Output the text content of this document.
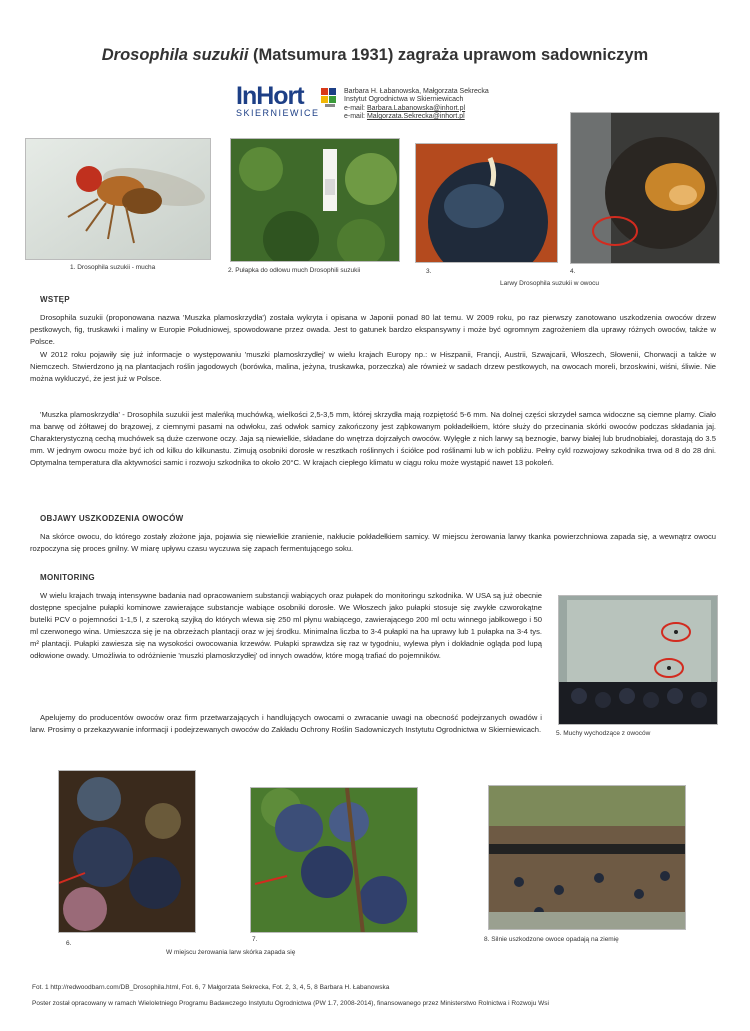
Drosophila suzukii (Matsumura 1931) zagraża uprawom sadowniczym
InHort
SKIERNIEWICE
Barbara H. Łabanowska, Małgorzata Sekrecka
Instytut Ogrodnictwa w Skierniewicach
e-mail: Barbara.Labanowska@inhort.pl
e-mail: Malgorzata.Sekrecka@inhort.pl
1. Drosophila suzukii - mucha	2. Pułapka do odłowu much Drosophili suzukii	3.	4.
Larwy Drosophila suzukii w owocu
WSTĘP
Drosophila suzukii (proponowana nazwa 'Muszka plamoskrzydła') została wykryta i opisana w Japonii ponad 80 lat temu. W 2009 roku, po raz pierwszy zanotowano uszkodzenia owoców drzew pestkowych, fig, truskawki i maliny w Europie Południowej, spowodowane przez owada. Jest to gatunek bardzo ekspansywny i może być ogromnym zagrożeniem dla uprawy różnych owoców, także w Polsce.
W 2012 roku pojawiły się już informacje o występowaniu 'muszki plamoskrzydłej' w wielu krajach Europy np.: w Hiszpanii, Francji, Austrii, Szwajcarii, Włoszech, Słowenii, Chorwacji a także w Niemczech. Stwierdzono ją na plantacjach roślin jagodowych (borówka, malina, jeżyna, truskawka, porzeczka) ale również w sadach drzew pestkowych, na owocach moreli, brzoskwini, wiśni, śliwie. Nie można wykluczyć, że jest już w Polsce.
'Muszka plamoskrzydła' - Drosophila suzukii jest maleńką muchówką, wielkości 2,5-3,5 mm, której skrzydła mają rozpiętość 5-6 mm. Na dolnej części skrzydeł samca widoczne są ciemne plamy. Ciało ma barwę od żółtawej do brązowej, z ciemnymi pasami na odwłoku, zaś odwłok samicy zakończony jest ząbkowanym pokładełkiem, które służy do przecinania skórki owoców podczas składania jaj. Charakterystyczną cechą muchówek są duże czerwone oczy. Jaja są niewielkie, składane do wnętrza dojrzałych owoców. Wylęgłe z nich larwy są beznogie, barwy białej lub brudnobiałej, dorastają do 3.5 mm. W jednym owocu może być ich od kilku do kilkunastu. Zimują osobniki dorosłe w resztkach roślinnych i ściółce pod roślinami lub w ich pobliżu. Pełny cykl rozwojowy szkodnika trwa od 8 do 28 dni. Optymalna temperatura dla aktywności samic i rozwoju szkodnika to około 20°C. W krajach ciepłego klimatu w ciągu roku może wystąpić nawet 13 pokoleń.
OBJAWY USZKODZENIA OWOCÓW
Na skórce owocu, do którego zostały złożone jaja, pojawia się niewielkie zranienie, nakłucie pokładełkiem samicy. W miejscu żerowania larwy tkanka powierzchniowa zapada się, a wewnątrz owocu rozpoczyna się proces gnilny. W miarę upływu czasu wyczuwa się zapach fermentującego soku.
MONITORING
W wielu krajach trwają intensywne badania nad opracowaniem substancji wabiących oraz pułapek do monitoringu szkodnika. W USA są już obecnie dostępne specjalne pułapki kominowe zawierające substancje wabiące osobniki dorosłe. We Włoszech jako pułapki stosuje się zwykłe czworokątne butelki PCV o pojemności 1-1,5 l, z szeroką szyjką do których wlewa się 250 ml płynu wabiącego, zawierającego 200 ml octu winnego jabłkowego i 50 ml czerwonego wina. Umieszcza się je na obrzeżach plantacji oraz w jej środku. Minimalna liczba to 3-4 pułapki na ha uprawy lub 1 pułapka na 3-4 tys. m² plantacji. Pułapki zawiesza się na wysokości owocowania krzewów. Pułapki sprawdza się raz w tygodniu, wylewa płyn i dokładnie ogląda pod lupą odłowione owady. Umożliwia to odróżnienie 'muszki plamoskrzydłej' od innych owadów, które mogą trafiać do pojemników.
Apelujemy do producentów owoców oraz firm przetwarzających i handlujących owocami o zwracanie uwagi na obecność podejrzanych owadów i larw. Prosimy o przekazywanie informacji i podejrzewanych owoców do Zakładu Ochrony Roślin Sadowniczych Instytutu Ogrodnictwa w Skierniewicach. 5. Muchy wychodzące z owoców
6.
7.
W miejscu żerowania larw skórka zapada się
8. Silnie uszkodzone owoce opadają na ziemię
Fot. 1 http://redwoodbarn.com/DB_Drosophila.html, Fot. 6, 7 Małgorzata Sekrecka, Fot. 2, 3, 4, 5, 8 Barbara H. Łabanowska
Poster został opracowany w ramach Wieloletniego Programu Badawczego Instytutu Ogrodnictwa (PW 1.7, 2008-2014), finansowanego przez Ministerstwo Rolnictwa i Rozwoju Wsi
